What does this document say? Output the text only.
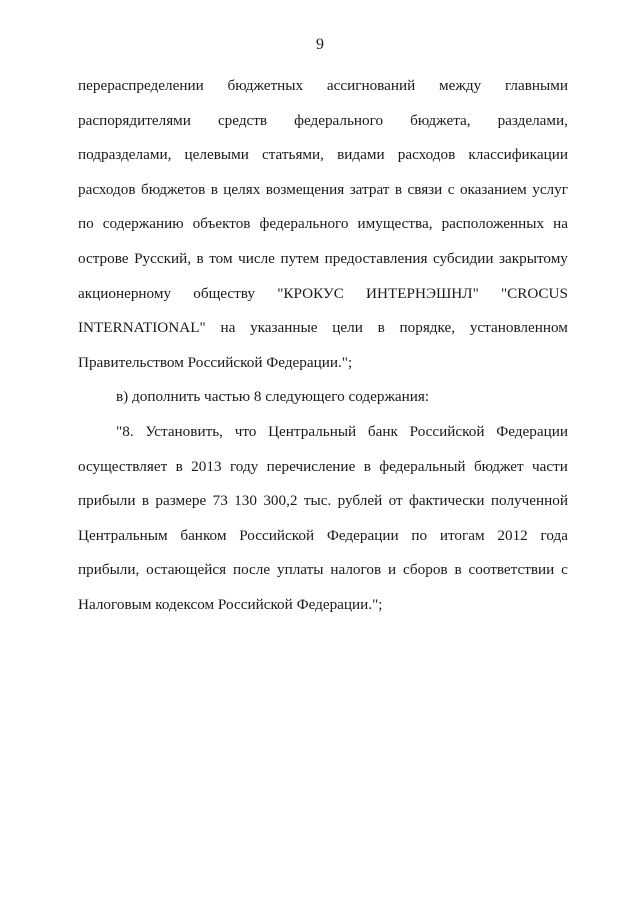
9
перераспределении бюджетных ассигнований между главными
распорядителями средств федерального бюджета, разделами,
подразделами, целевыми статьями, видами расходов классификации
расходов бюджетов в целях возмещения затрат в связи с оказанием услуг
по содержанию объектов федерального имущества, расположенных на
острове Русский, в том числе путем предоставления субсидии закрытому
акционерному обществу "КРОКУС ИНТЕРНЭШНЛ" "CROCUS
INTERNATIONAL" на указанные цели в порядке, установленном
Правительством Российской Федерации.";
в) дополнить частью 8 следующего содержания:
"8. Установить, что Центральный банк Российской Федерации
осуществляет в 2013 году перечисление в федеральный бюджет части
прибыли в размере 73 130 300,2 тыс. рублей от фактически полученной
Центральным банком Российской Федерации по итогам 2012 года
прибыли, остающейся после уплаты налогов и сборов в соответствии с
Налоговым кодексом Российской Федерации.";
